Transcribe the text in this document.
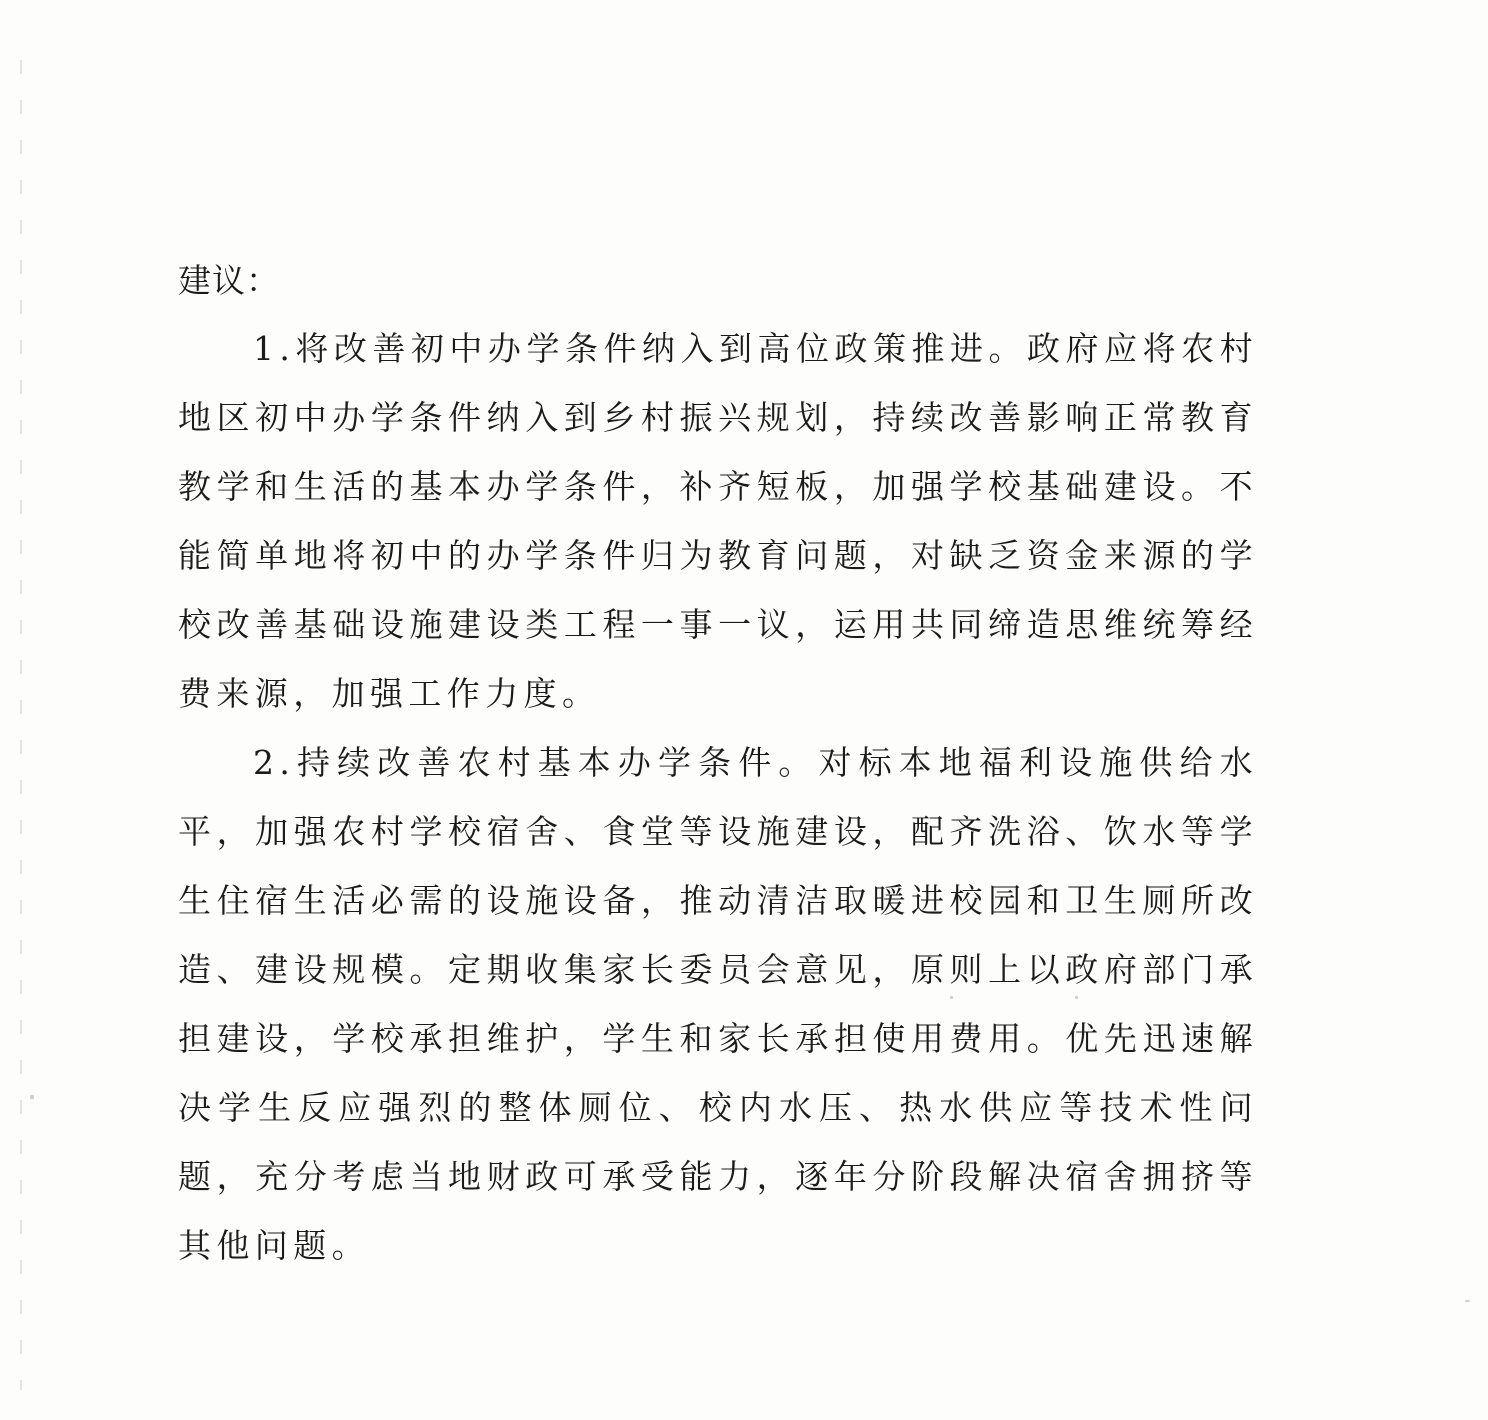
建议：

1.将改善初中办学条件纳入到高位政策推进。政府应将农村地区初中办学条件纳入到乡村振兴规划，持续改善影响正常教育教学和生活的基本办学条件，补齐短板，加强学校基础建设。不能简单地将初中的办学条件归为教育问题，对缺乏资金来源的学校改善基础设施建设类工程一事一议，运用共同缔造思维统筹经费来源，加强工作力度。

2.持续改善农村基本办学条件。对标本地福利设施供给水平，加强农村学校宿舍、食堂等设施建设，配齐洗浴、饮水等学生住宿生活必需的设施设备，推动清洁取暖进校园和卫生厕所改造、建设规模。定期收集家长委员会意见，原则上以政府部门承担建设，学校承担维护，学生和家长承担使用费用。优先迅速解决学生反应强烈的整体厕位、校内水压、热水供应等技术性问题，充分考虑当地财政可承受能力，逐年分阶段解决宿舍拥挤等其他问题。
